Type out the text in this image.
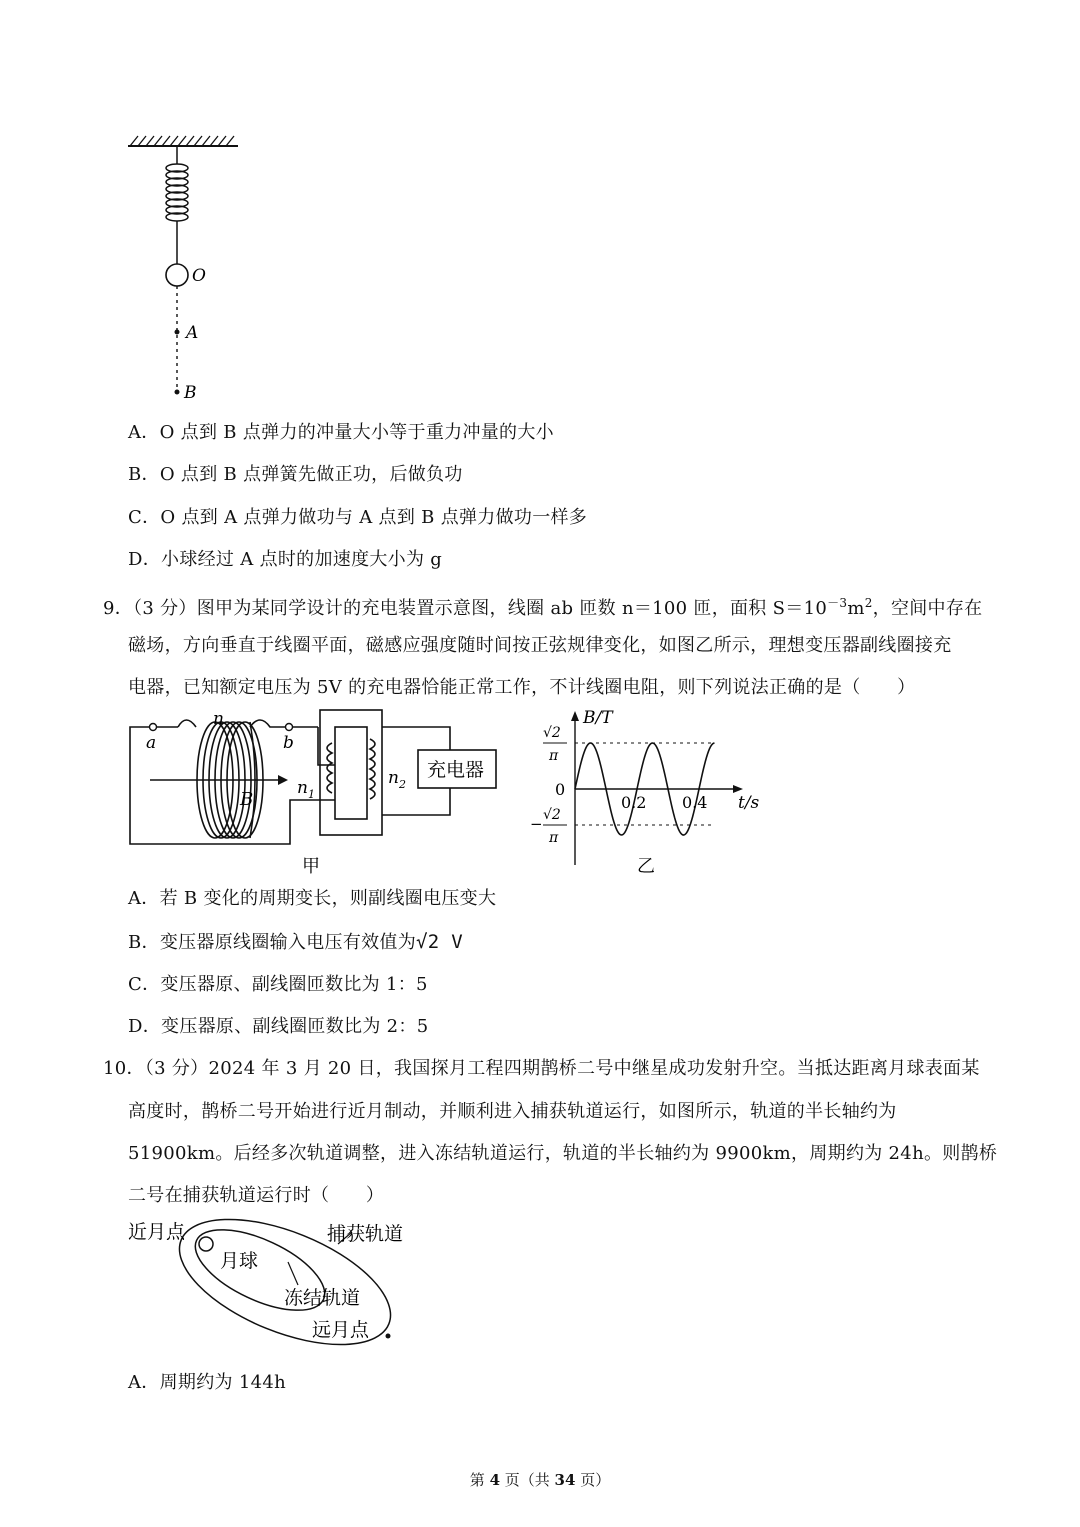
O
A
B
A．O 点到 B 点弹力的冲量大小等于重力冲量的大小
B．O 点到 B 点弹簧先做正功，后做负功
C．O 点到 A 点弹力做功与 A 点到 B 点弹力做功一样多
D．小球经过 A 点时的加速度大小为 g
9．（3 分）图甲为某同学设计的充电装置示意图，线圈 ab 匝数 n＝100 匝，面积 $S=10^{-3}m^2$，空间中存在
磁场，方向垂直于线圈平面，磁感应强度随时间按正弦规律变化，如图乙所示，理想变压器副线圈接充
电器，已知额定电压为 5V 的充电器恰能正常工作，不计线圈电阻，则下列说法正确的是（　　）
n
a	b
B
$n_1$
$n_2$
充电器
甲
B/T
t/s
√2
π
0
− √2
π
0.2 0.4
乙
A．若 B 变化的周期变长，则副线圈电压变大
B．变压器原线圈输入电压有效值为√2 V
C．变压器原、副线圈匝数比为 1：5
D．变压器原、副线圈匝数比为 2：5
10．（3 分）2024 年 3 月 20 日，我国探月工程四期鹊桥二号中继星成功发射升空。当抵达距离月球表面某
高度时，鹊桥二号开始进行近月制动，并顺利进入捕获轨道运行，如图所示，轨道的半长轴约为
51900km。后经多次轨道调整，进入冻结轨道运行，轨道的半长轴约为 9900km，周期约为 24h。则鹊桥
二号在捕获轨道运行时（　　）
近月点	捕获轨道
月球
冻结轨道
远月点
A．周期约为 144h
第 4 页（共 34 页）
